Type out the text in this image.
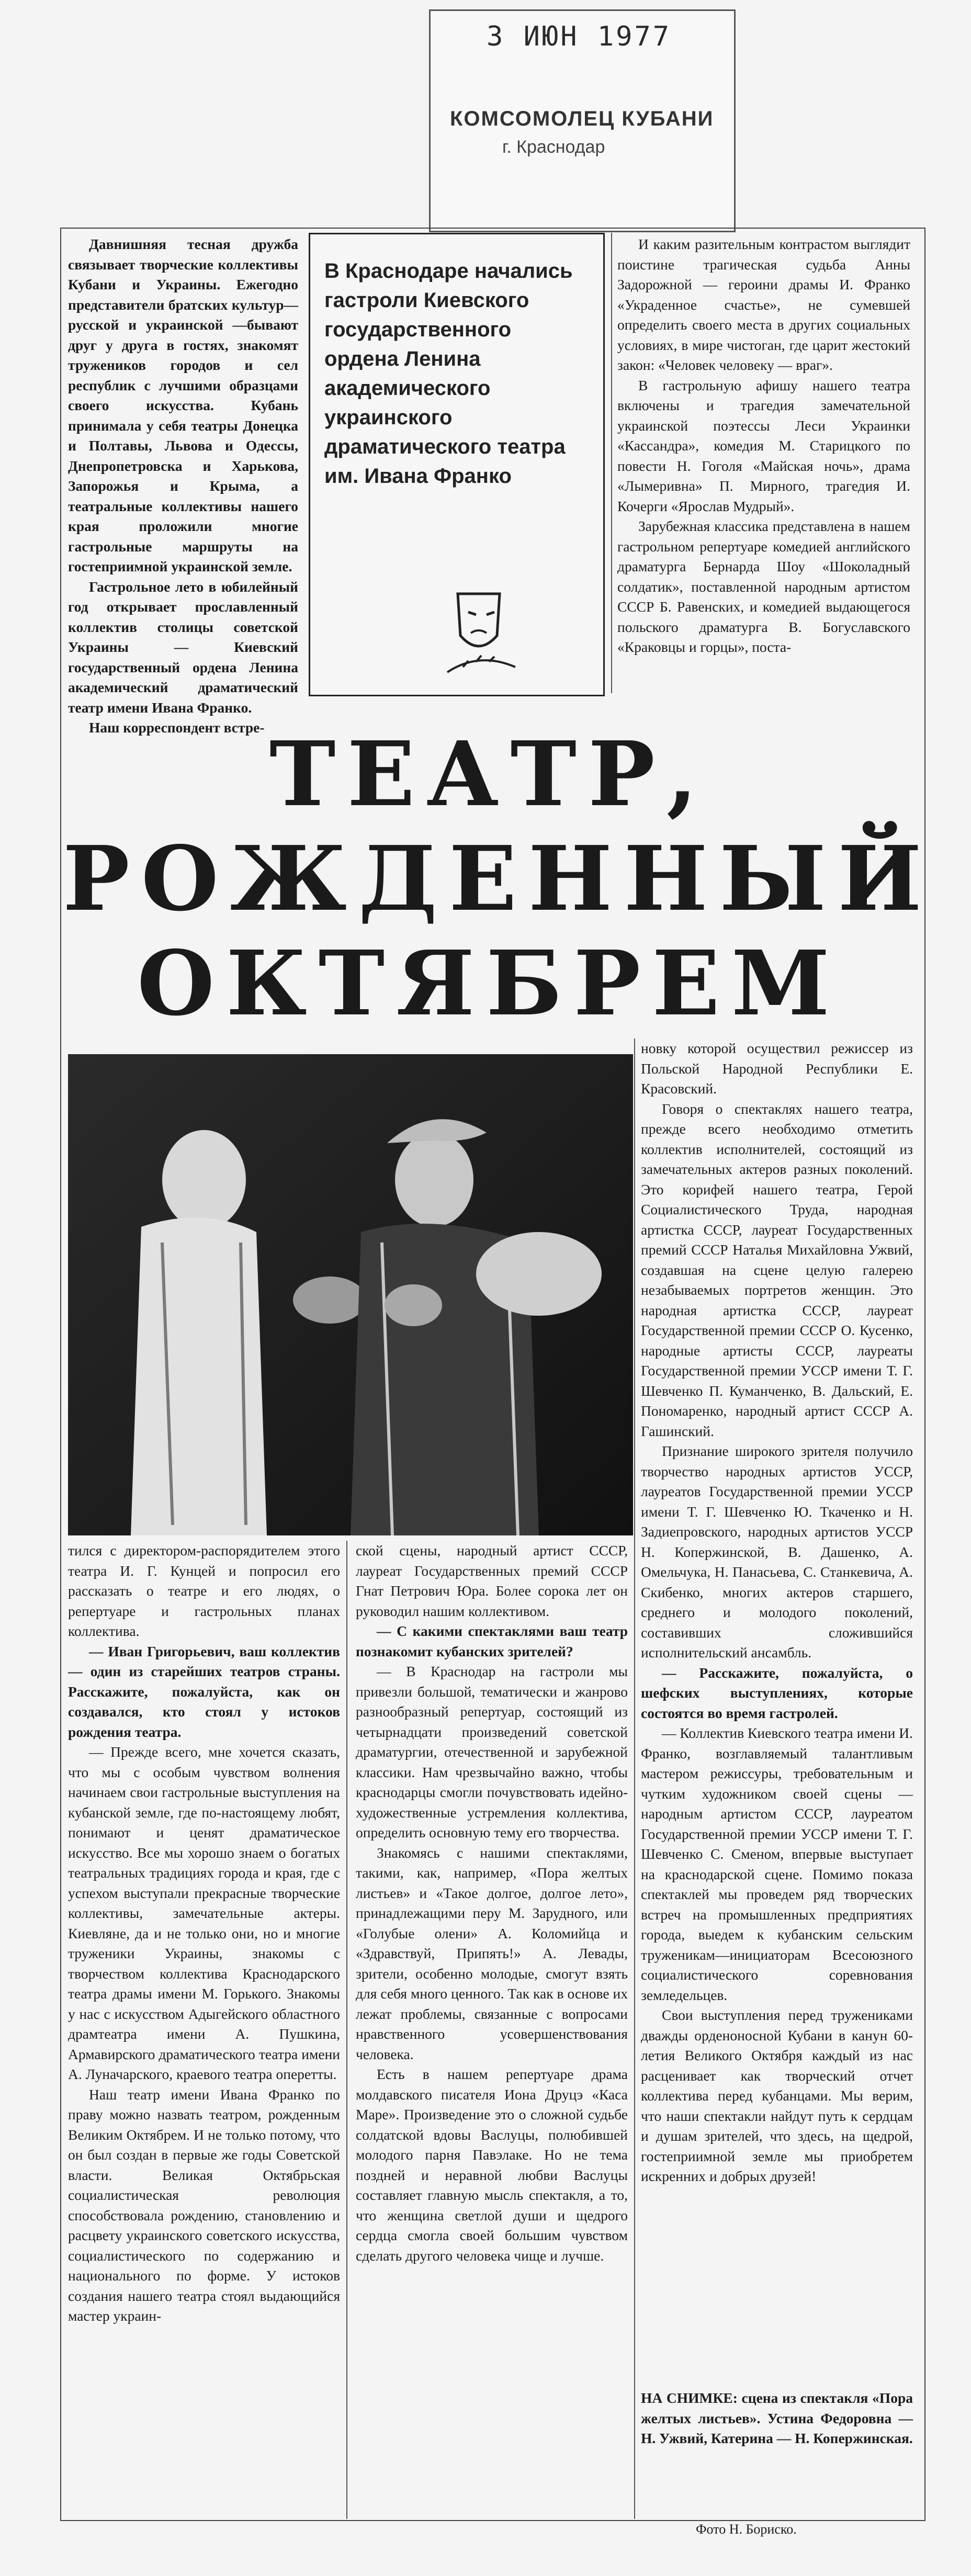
3 ИЮН 1977
КОМСОМОЛЕЦ КУБАНИ
г. Краснодар

Давнишняя тесная дружба связывает творческие коллективы Кубани и Украины. Ежегодно представители братских культур—русской и украинской —бывают друг у друга в гостях, знакомят тружеников городов и сел республик с лучшими образцами своего искусства. Кубань принимала у себя театры Донецка и Полтавы, Львова и Одессы, Днепропетровска и Харькова, Запорожья и Крыма, а театральные коллективы нашего края проложили многие гастрольные маршруты на гостеприимной украинской земле.

Гастрольное лето в юбилейный год открывает прославленный коллектив столицы советской Украины — Киевский государственный ордена Ленина академический драматический театр имени Ивана Франко.

Наш корреспондент встре-

В Краснодаре начались гастроли Киевского государственного ордена Ленина академического украинского драматического театра им. Ивана Франко

И каким разительным контрастом выглядит поистине трагическая судьба Анны Задорожной — героини драмы И. Франко «Украденное счастье», не сумевшей определить своего места в других социальных условиях, в мире чистоган, где царит жестокий закон: «Человек человеку — враг».

В гастрольную афишу нашего театра включены и трагедия замечательной украинской поэтессы Леси Украинки «Кассандра», комедия М. Старицкого по повести Н. Гоголя «Майская ночь», драма «Лымеривна» П. Мирного, трагедия И. Кочерги «Ярослав Мудрый».

Зарубежная классика представлена в нашем гастрольном репертуаре комедией английского драматурга Бернарда Шоу «Шоколадный солдатик», поставленной народным артистом СССР Б. Равенских, и комедией выдающегося польского драматурга В. Богуславского «Краковцы и горцы», поста-

ТЕАТР,
РОЖДЕННЫЙ
ОКТЯБРЕМ

новку которой осуществил режиссер из Польской Народной Республики Е. Красовский.

Говоря о спектаклях нашего театра, прежде всего необходимо отметить коллектив исполнителей, состоящий из замечательных актеров разных поколений. Это корифей нашего театра, Герой Социалистического Труда, народная артистка СССР, лауреат Государственных премий СССР Наталья Михайловна Ужвий, создавшая на сцене целую галерею незабываемых портретов женщин. Это народная артистка СССР, лауреат Государственной премии СССР О. Кусенко, народные артисты СССР, лауреаты Государственной премии УССР имени Т. Г. Шевченко П. Куманченко, В. Дальский, Е. Пономаренко, народный артист СССР А. Гашинский.

Признание широкого зрителя получило творчество народных артистов УССР, лауреатов Государственной премии УССР имени Т. Г. Шевченко Ю. Ткаченко и Н. Задиепровского, народных артистов УССР Н. Копержинской, В. Дашенко, А. Омельчука, Н. Панасьева, С. Станкевича, А. Скибенко, многих актеров старшего, среднего и молодого поколений, составивших сложившийся исполнительский ансамбль.

— Расскажите, пожалуйста, о шефских выступлениях, которые состоятся во время гастролей.

— Коллектив Киевского театра имени И. Франко, возглавляемый талантливым мастером режиссуры, требовательным и чутким художником своей сцены — народным артистом СССР, лауреатом Государственной премии УССР имени Т. Г. Шевченко С. Сменом, впервые выступает на краснодарской сцене. Помимо показа спектаклей мы проведем ряд творческих встреч на промышленных предприятиях города, выедем к кубанским сельским труженикам—инициаторам Всесоюзного социалистического соревнования земледельцев.

Свои выступления перед тружениками дважды орденоносной Кубани в канун 60-летия Великого Октября каждый из нас расценивает как творческий отчет коллектива перед кубанцами. Мы верим, что наши спектакли найдут путь к сердцам и душам зрителей, что здесь, на щедрой, гостеприимной земле мы приобретем искренних и добрых друзей!

тился с директором-распорядителем этого театра И. Г. Кунцей и попросил его рассказать о театре и его людях, о репертуаре и гастрольных планах коллектива.

— Иван Григорьевич, ваш коллектив — один из старейших театров страны. Расскажите, пожалуйста, как он создавался, кто стоял у истоков рождения театра.

— Прежде всего, мне хочется сказать, что мы с особым чувством волнения начинаем свои гастрольные выступления на кубанской земле, где по-настоящему любят, понимают и ценят драматическое искусство. Все мы хорошо знаем о богатых театральных традициях города и края, где с успехом выступали прекрасные творческие коллективы, замечательные актеры. Киевляне, да и не только они, но и многие труженики Украины, знакомы с творчеством коллектива Краснодарского театра драмы имени М. Горького. Знакомы у нас с искусством Адыгейского областного драмтеатра имени А. Пушкина, Армавирского драматического театра имени А. Луначарского, краевого театра оперетты.

Наш театр имени Ивана Франко по праву можно назвать театром, рожденным Великим Октябрем. И не только потому, что он был создан в первые же годы Советской власти. Великая Октябрьская социалистическая революция способствовала рождению, становлению и расцвету украинского советского искусства, социалистического по содержанию и национального по форме. У истоков создания нашего театра стоял выдающийся мастер украин-

ской сцены, народный артист СССР, лауреат Государственных премий СССР Гнат Петрович Юра. Более сорока лет он руководил нашим коллективом.

— С какими спектаклями ваш театр познакомит кубанских зрителей?

— В Краснодар на гастроли мы привезли большой, тематически и жанрово разнообразный репертуар, состоящий из четырнадцати произведений советской драматургии, отечественной и зарубежной классики. Нам чрезвычайно важно, чтобы краснодарцы смогли почувствовать идейно-художественные устремления коллектива, определить основную тему его творчества.

Знакомясь с нашими спектаклями, такими, как, например, «Пора желтых листьев» и «Такое долгое, долгое лето», принадлежащими перу М. Зарудного, или «Голубые олени» А. Коломийца и «Здравствуй, Припять!» А. Левады, зрители, особенно молодые, смогут взять для себя много ценного. Так как в основе их лежат проблемы, связанные с вопросами нравственного усовершенствования человека.

Есть в нашем репертуаре драма молдавского писателя Иона Друцэ «Каса Маре». Произведение это о сложной судьбе солдатской вдовы Васлуцы, полюбившей молодого парня Павэлаке. Но не тема поздней и неравной любви Васлуцы составляет главную мысль спектакля, а то, что женщина светлой души и щедрого сердца смогла своей большим чувством сделать другого человека чище и лучше.

НА СНИМКЕ: сцена из спектакля «Пора желтых листьев». Устина Федоровна — Н. Ужвий, Катерина — Н. Копержинская.
Фото Н. Бориско.
